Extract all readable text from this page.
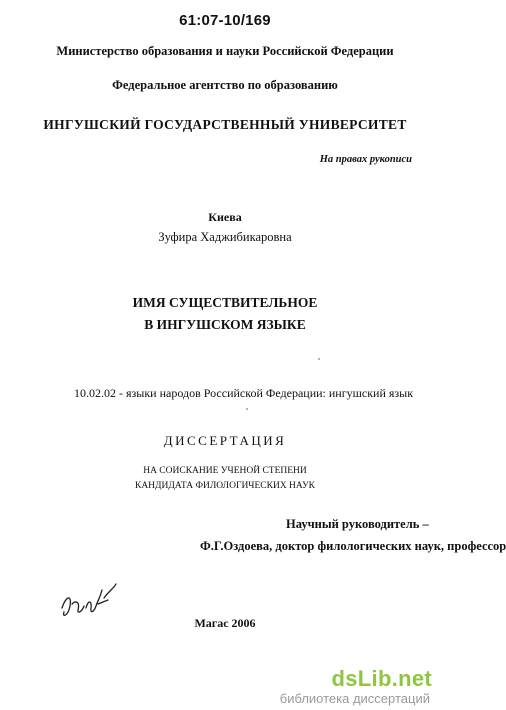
61:07-10/169
Министерство образования и науки Российской Федерации
Федеральное агентство по образованию
ИНГУШСКИЙ ГОСУДАРСТВЕННЫЙ УНИВЕРСИТЕТ
На правах рукописи
Киева
Зуфира Хаджибикаровна
ИМЯ СУЩЕСТВИТЕЛЬНОЕ
В ИНГУШСКОМ ЯЗЫКЕ
10.02.02 - языки народов Российской Федерации: ингушский язык
ДИССЕРТАЦИЯ
НА СОИСКАНИЕ УЧЕНОЙ СТЕПЕНИ
КАНДИДАТА ФИЛОЛОГИЧЕСКИХ НАУК
Научный руководитель –
Ф.Г.Оздоева, доктор филологических наук, профессор
Магас 2006
dsLib.net
библиотека диссертаций
